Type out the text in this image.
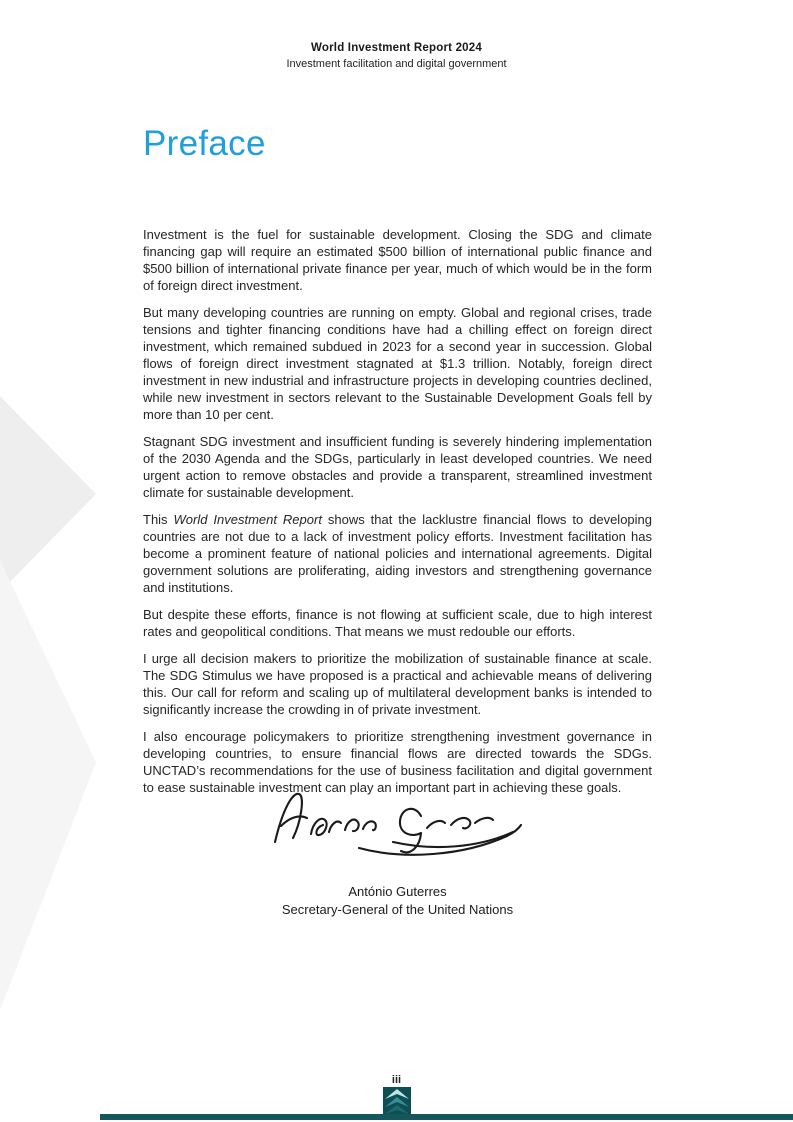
World Investment Report 2024
Investment facilitation and digital government
Preface

Investment is the fuel for sustainable development. Closing the SDG and climate financing gap will require an estimated $500 billion of international public finance and $500 billion of international private finance per year, much of which would be in the form of foreign direct investment.

But many developing countries are running on empty. Global and regional crises, trade tensions and tighter financing conditions have had a chilling effect on foreign direct investment, which remained subdued in 2023 for a second year in succession. Global flows of foreign direct investment stagnated at $1.3 trillion. Notably, foreign direct investment in new industrial and infrastructure projects in developing countries declined, while new investment in sectors relevant to the Sustainable Development Goals fell by more than 10 per cent.

Stagnant SDG investment and insufficient funding is severely hindering implementation of the 2030 Agenda and the SDGs, particularly in least developed countries. We need urgent action to remove obstacles and provide a transparent, streamlined investment climate for sustainable development.

This World Investment Report shows that the lacklustre financial flows to developing countries are not due to a lack of investment policy efforts. Investment facilitation has become a prominent feature of national policies and international agreements. Digital government solutions are proliferating, aiding investors and strengthening governance and institutions.

But despite these efforts, finance is not flowing at sufficient scale, due to high interest rates and geopolitical conditions. That means we must redouble our efforts.

I urge all decision makers to prioritize the mobilization of sustainable finance at scale. The SDG Stimulus we have proposed is a practical and achievable means of delivering this. Our call for reform and scaling up of multilateral development banks is intended to significantly increase the crowding in of private investment.

I also encourage policymakers to prioritize strengthening investment governance in developing countries, to ensure financial flows are directed towards the SDGs. UNCTAD’s recommendations for the use of business facilitation and digital government to ease sustainable investment can play an important part in achieving these goals.

António Guterres
Secretary-General of the United Nations
iii
